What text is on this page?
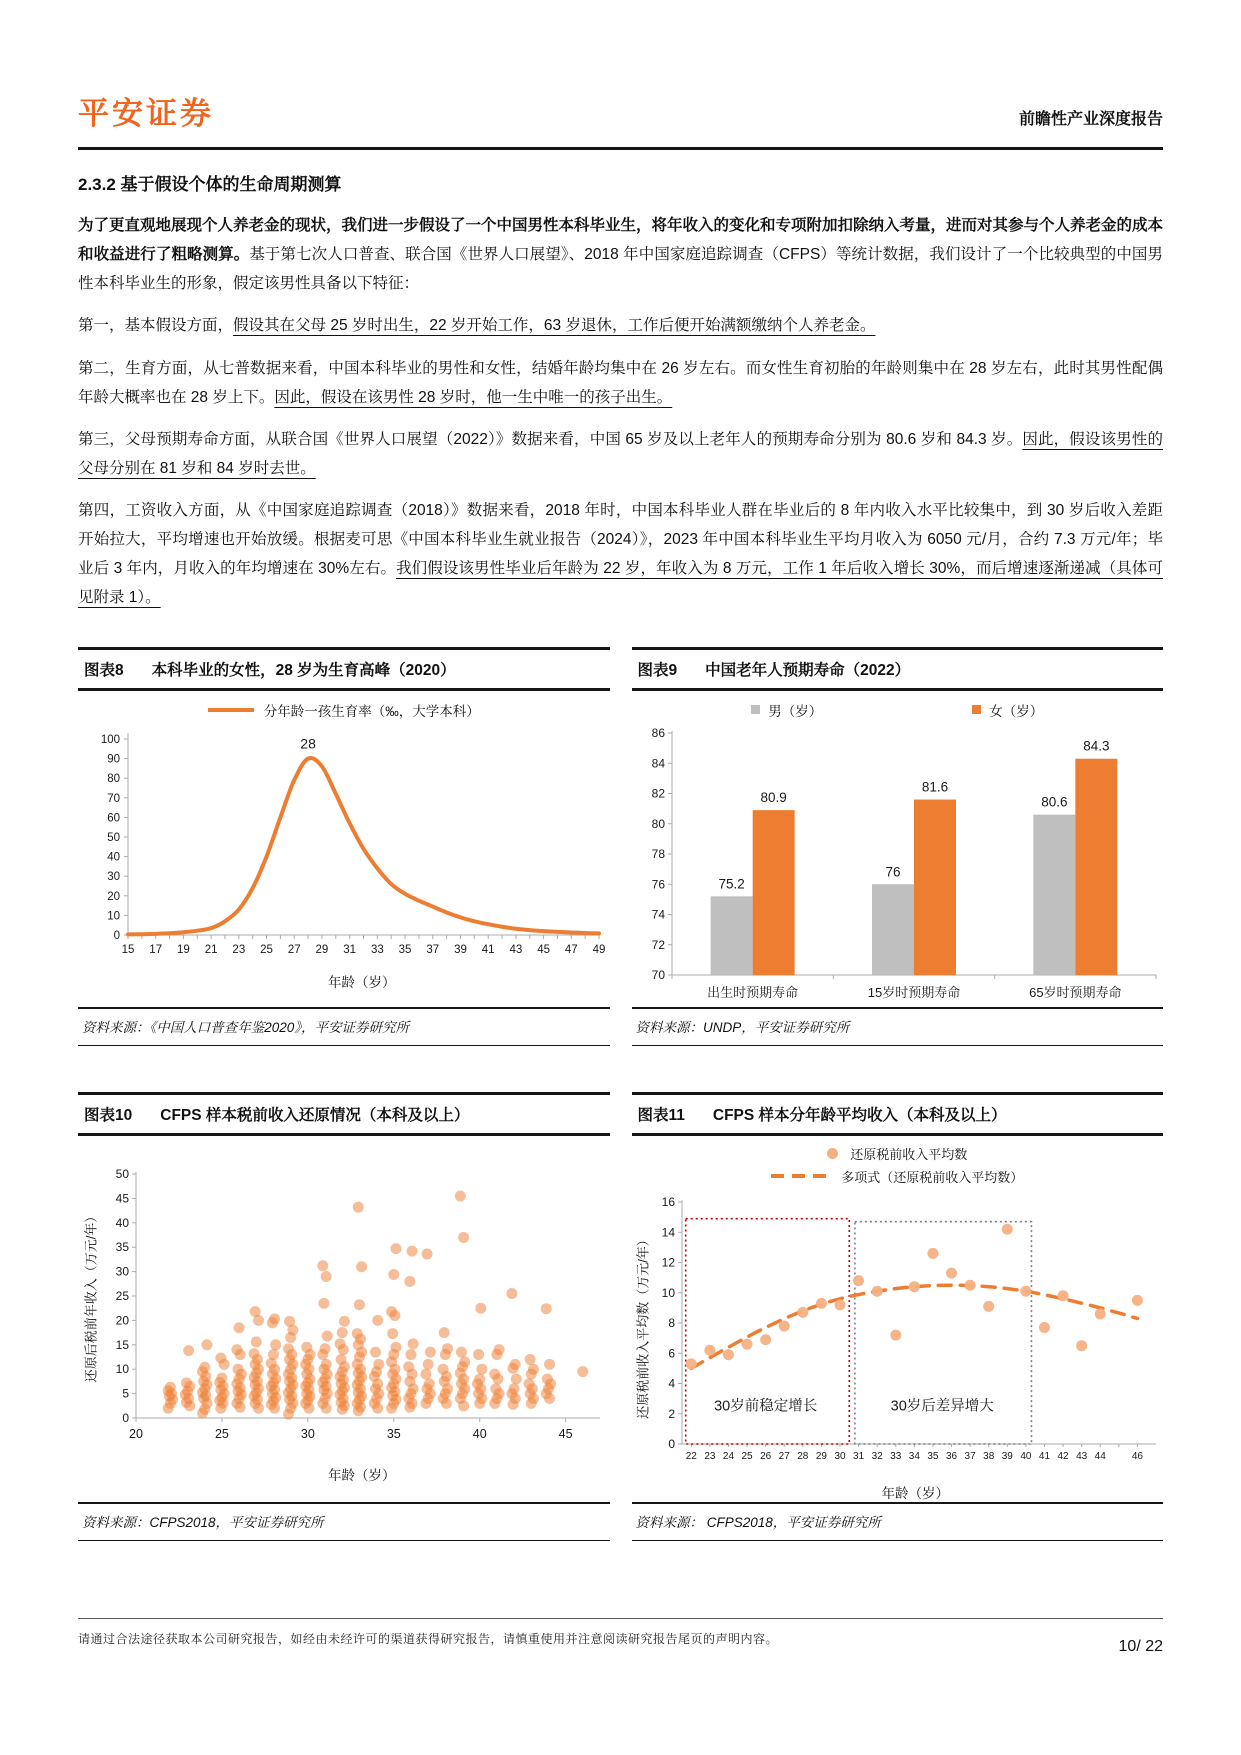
平安证券	前瞻性产业深度报告
2.3.2 基于假设个体的生命周期测算

为了更直观地展现个人养老金的现状，我们进一步假设了一个中国男性本科毕业生，将年收入的变化和专项附加扣除纳入考量，进而对其参与个人养老金的成本和收益进行了粗略测算。基于第七次人口普查、联合国《世界人口展望》、2018 年中国家庭追踪调查（CFPS）等统计数据，我们设计了一个比较典型的中国男性本科毕业生的形象，假定该男性具备以下特征：

第一，基本假设方面，假设其在父母 25 岁时出生，22 岁开始工作，63 岁退休，工作后便开始满额缴纳个人养老金。

第二，生育方面，从七普数据来看，中国本科毕业的男性和女性，结婚年龄均集中在 26 岁左右。而女性生育初胎的年龄则集中在 28 岁左右，此时其男性配偶年龄大概率也在 28 岁上下。因此，假设在该男性 28 岁时，他一生中唯一的孩子出生。

第三，父母预期寿命方面，从联合国《世界人口展望（2022）》数据来看，中国 65 岁及以上老年人的预期寿命分别为 80.6 岁和 84.3 岁。因此，假设该男性的父母分别在 81 岁和 84 岁时去世。

第四，工资收入方面，从《中国家庭追踪调查（2018）》数据来看，2018 年时，中国本科毕业人群在毕业后的 8 年内收入水平比较集中，到 30 岁后收入差距开始拉大，平均增速也开始放缓。根据麦可思《中国本科毕业生就业报告（2024）》，2023 年中国本科毕业生平均月收入为 6050 元/月，合约 7.3 万元/年；毕业后 3 年内，月收入的年均增速在 30%左右。我们假设该男性毕业后年龄为 22 岁，年收入为 8 万元，工作 1 年后收入增长 30%，而后增速逐渐递减（具体可见附录 1）。

图表8 本科毕业的女性，28 岁为生育高峰（2020）
分年龄一孩生育率（‰，大学本科）
0
10
20
30
40
50
60
70
80
90
100
15 17 19 21 23 25 27 29 31 33 35 37 39 41 43 45 47 49
28
年龄（岁）
资料来源：《中国人口普查年鉴2020》，平安证券研究所
图表9 中国老年人预期寿命（2022）
男（岁）	女（岁）
70
72
74
76
78
80
82
84
86
75.2
80.9
出生时预期寿命
76
81.6
15岁时预期寿命
80.6
84.3
65岁时预期寿命
资料来源：UNDP，平安证券研究所
图表10 CFPS 样本税前收入还原情况（本科及以上）
还原后税前年收入（万元/年）
0
5
10
15
20
25
30
35
40
45
50
20	25	30	35	40	45
年龄（岁）
资料来源：CFPS2018，平安证券研究所
图表11 CFPS 样本分年龄平均收入（本科及以上）
还原税前收入平均数
多项式（还原税前收入平均数）
还原税前收入平均数（万元/年）
0
2
4
6
8
10
12
14
16
22 23 24 25 26 27 28 29 30 31 32 33 34 35 36 37 38 39 40 41 42 43 44	46
30岁前稳定增长	30岁后差异增大
年龄（岁）
资料来源： CFPS2018，平安证券研究所
请通过合法途径获取本公司研究报告，如经由未经许可的渠道获得研究报告，请慎重使用并注意阅读研究报告尾页的声明内容。	10/ 22
